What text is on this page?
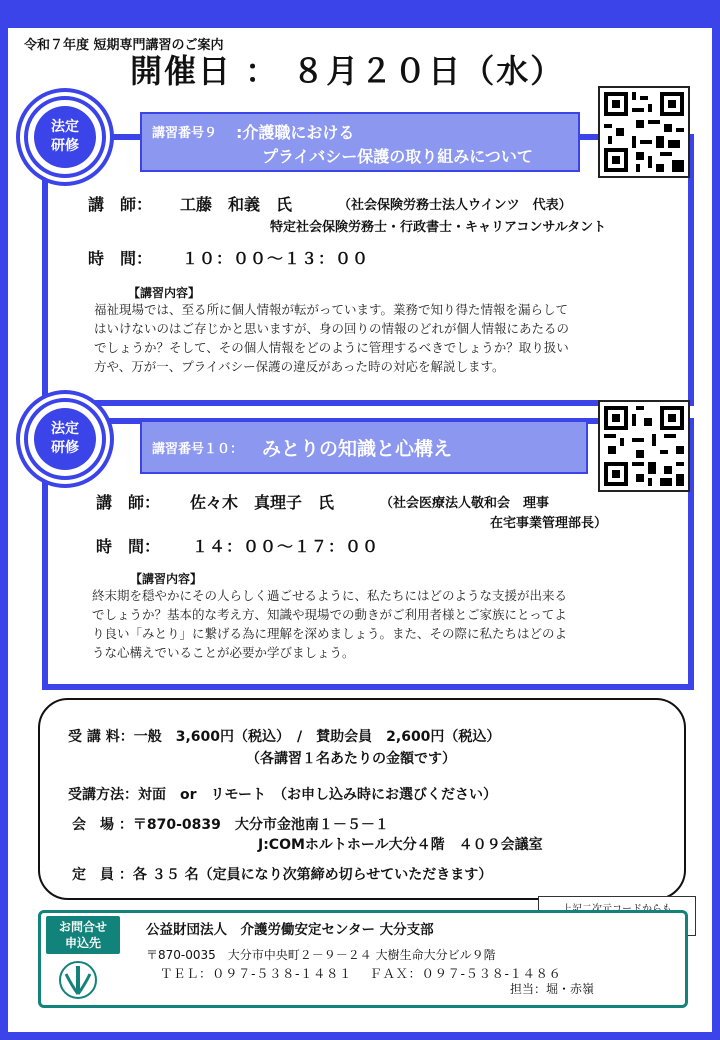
令和７年度 短期専門講習のご案内
開催日 ： ８月２０日（水）
講習番号９ :介護職における
プライバシー保護の取り組みについて
法定
研修
講　師： 工藤　和義　氏	（社会保険労務士法人ウインツ　代表）
特定社会保険労務士・行政書士・キャリアコンサルタント
時　間： １０：００～１３：００
【講習内容】
福祉現場では、至る所に個人情報が転がっています。業務で知り得た情報を漏らして
はいけないのはご存じかと思いますが、身の回りの情報のどれが個人情報にあたるの
でしょうか？そして、その個人情報をどのように管理するべきでしょうか？取り扱い
方や、万が一、プライバシー保護の違反があった時の対応を解説します。
講習番号１０： みとりの知識と心構え
法定
研修
講　師： 佐々木　真理子　氏	（社会医療法人敬和会　理事
在宅事業管理部長）
時　間： １４：００～１７：００
【講習内容】
終末期を穏やかにその人らしく過ごせるように、私たちにはどのような支援が出来る
でしょうか？基本的な考え方、知識や現場での動きがご利用者様とご家族にとってよ
り良い「みとり」に繋げる為に理解を深めましょう。また、その際に私たちはどのよ
うな心構えでいることが必要か学びましょう。
受 講 料：一般　3,600円（税込）　/　賛助会員　2,600円（税込）
（各講習１名あたりの金額です）
受講方法：対面　or　リモート　（お申し込み時にお選びください）
会　場 ：〒870-0839　大分市金池南１－５－１
J:COMホルトホール大分４階　４０９会議室
定　員 ：各 ３５ 名（定員になり次第締め切らせていただきます）
お問合せ
申込先
公益財団法人　介護労働安定センター 大分支部
〒870-0035　大分市中央町２－９－２４ 大樹生命大分ビル９階
ＴＥＬ：０９７-５３８-１４８１　 ＦＡＸ：０９７-５３８-１４８６
担当：堀・赤嶺
